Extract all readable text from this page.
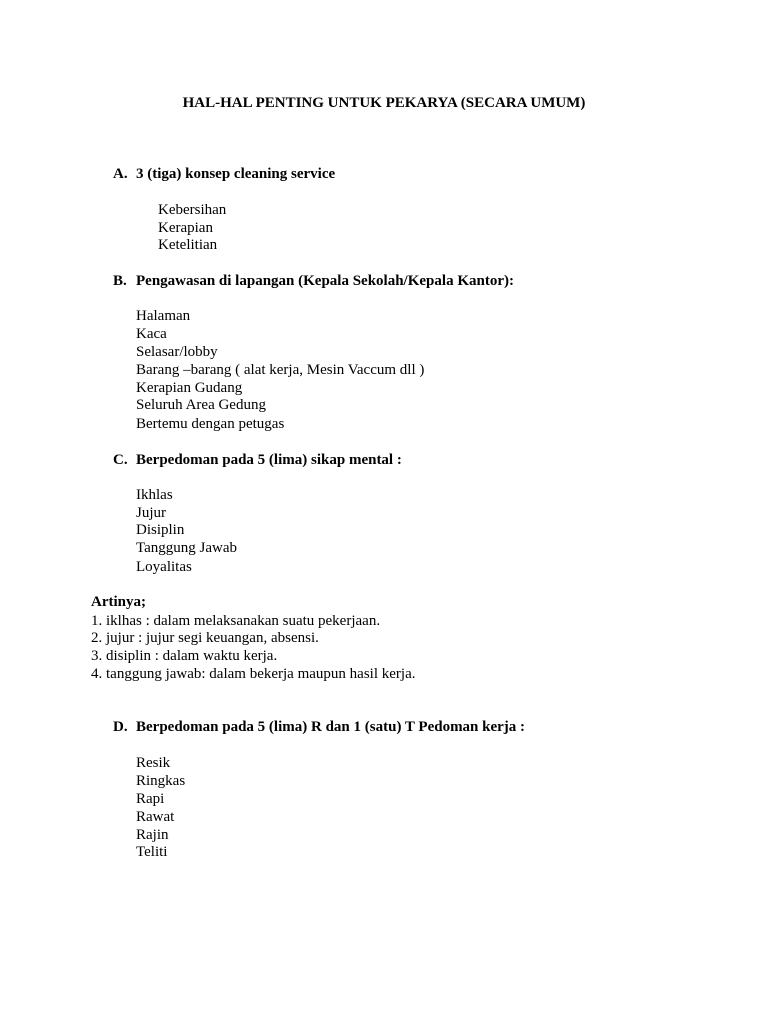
HAL-HAL PENTING UNTUK PEKARYA (SECARA UMUM)
A. 3 (tiga) konsep cleaning service
Kebersihan
Kerapian
Ketelitian
B. Pengawasan di lapangan (Kepala Sekolah/Kepala Kantor):
Halaman
Kaca
Selasar/lobby
Barang –barang ( alat kerja, Mesin Vaccum dll )
Kerapian Gudang
Seluruh Area Gedung
Bertemu dengan petugas
C. Berpedoman pada 5 (lima) sikap mental :
Ikhlas
Jujur
Disiplin
Tanggung Jawab
Loyalitas
Artinya;
1. iklhas : dalam melaksanakan suatu pekerjaan.
2. jujur : jujur segi keuangan, absensi.
3. disiplin : dalam waktu kerja.
4. tanggung jawab: dalam bekerja maupun hasil kerja.
D. Berpedoman pada 5 (lima) R dan 1 (satu) T Pedoman kerja :
Resik
Ringkas
Rapi
Rawat
Rajin
Teliti
